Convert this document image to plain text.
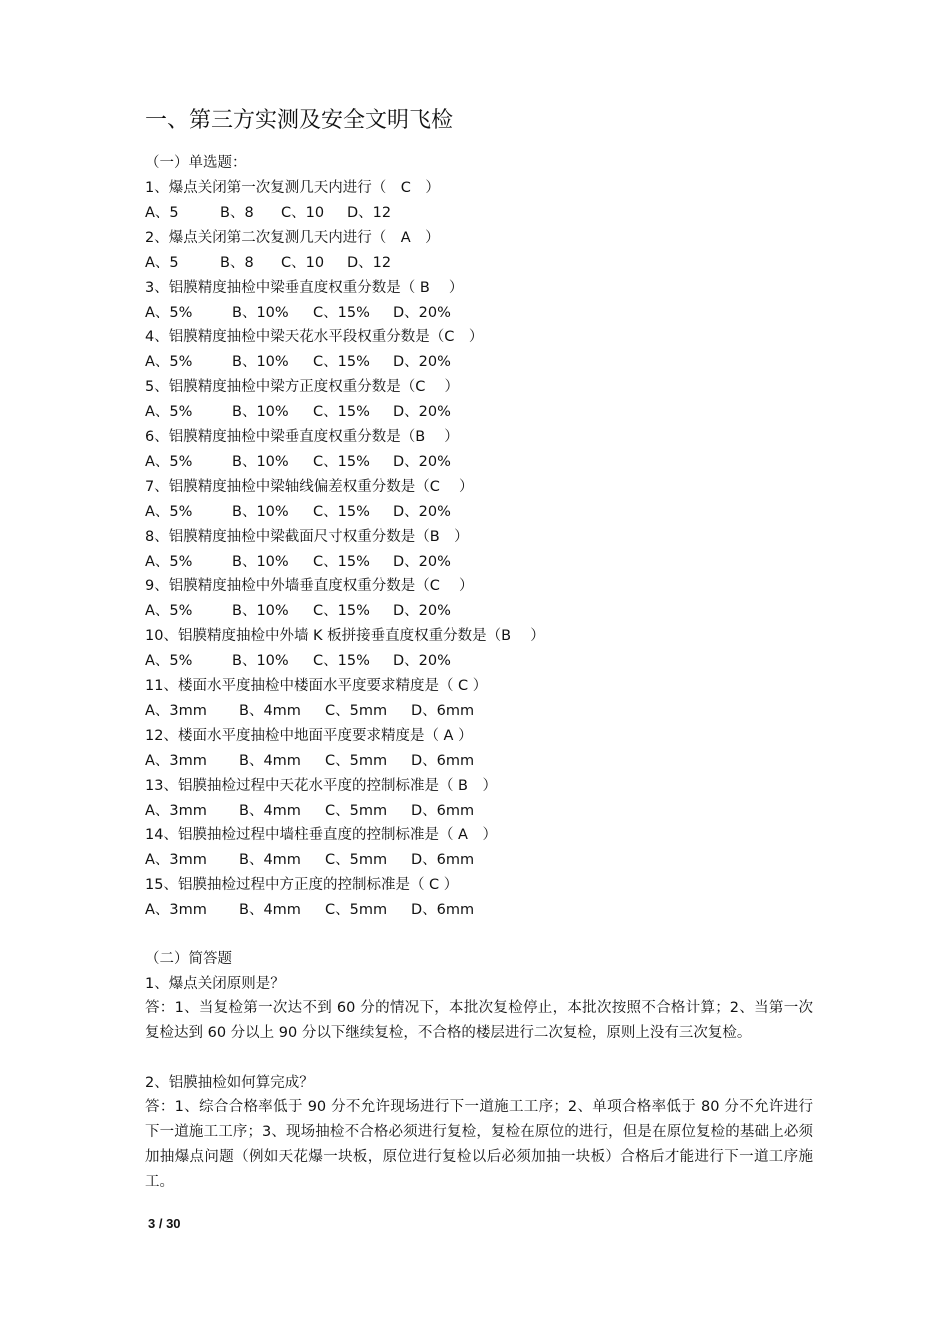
一、第三方实测及安全文明飞检
（一）单选题：
1、爆点关闭第一次复测几天内进行（　C　）
A、5	B、8 C、10 D、12
2、爆点关闭第二次复测几天内进行（　A　）
A、5	B、8 C、10 D、12
3、铝膜精度抽检中梁垂直度权重分数是（ B　 ）
A、5%	B、10% C、15% D、20%
4、铝膜精度抽检中梁天花水平段权重分数是（C　）
A、5%	B、10% C、15% D、20%
5、铝膜精度抽检中梁方正度权重分数是（C　 ）
A、5%	B、10% C、15% D、20%
6、铝膜精度抽检中梁垂直度权重分数是（B　 ）
A、5%	B、10% C、15% D、20%
7、铝膜精度抽检中梁轴线偏差权重分数是（C　 ）
A、5%	B、10% C、15% D、20%
8、铝膜精度抽检中梁截面尺寸权重分数是（B　）
A、5%	B、10% C、15% D、20%
9、铝膜精度抽检中外墙垂直度权重分数是（C　 ）
A、5%	B、10% C、15% D、20%
10、铝膜精度抽检中外墙 K 板拼接垂直度权重分数是（B　 ）
A、5%	B、10% C、15% D、20%
11、楼面水平度抽检中楼面水平度要求精度是（ C ）
A、3mm B、4mm C、5mm D、6mm
12、楼面水平度抽检中地面平度要求精度是（ A ）
A、3mm B、4mm C、5mm D、6mm
13、铝膜抽检过程中天花水平度的控制标准是（ B　）
A、3mm B、4mm C、5mm D、6mm
14、铝膜抽检过程中墙柱垂直度的控制标准是（ A　）
A、3mm B、4mm C、5mm D、6mm
15、铝膜抽检过程中方正度的控制标准是（ C ）
A、3mm B、4mm C、5mm D、6mm
（二）简答题
1、爆点关闭原则是？
答：1、当复检第一次达不到 60 分的情况下，本批次复检停止，本批次按照不合格计算；2、当第一次复检达到 60 分以上 90 分以下继续复检，不合格的楼层进行二次复检，原则上没有三次复检。
2、铝膜抽检如何算完成？
答：1、综合合格率低于 90 分不允许现场进行下一道施工工序；2、单项合格率低于 80 分不允许进行下一道施工工序；3、现场抽检不合格必须进行复检，复检在原位的进行，但是在原位复检的基础上必须加抽爆点问题（例如天花爆一块板，原位进行复检以后必须加抽一块板）合格后才能进行下一道工序施工。
3 / 30
